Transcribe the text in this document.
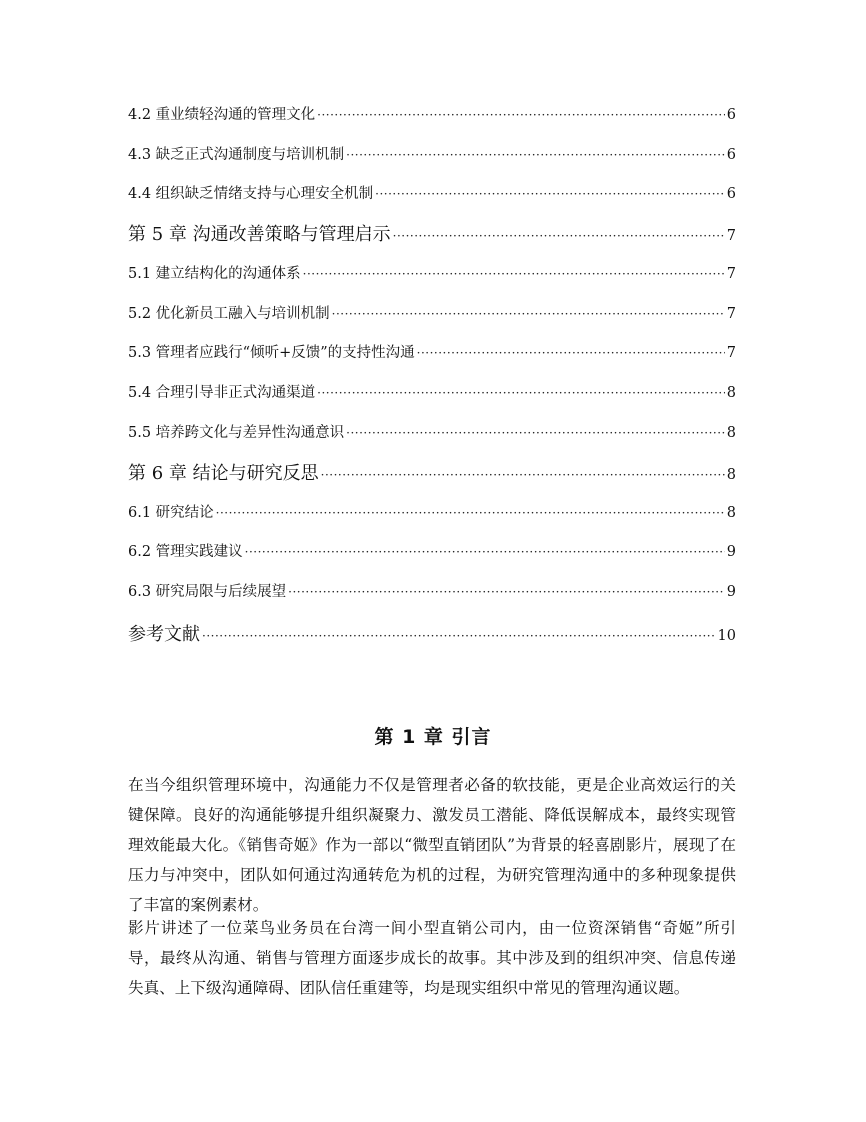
4.2 重业绩轻沟通的管理文化 ·····	6
4.3 缺乏正式沟通制度与培训机制 ·····	6
4.4 组织缺乏情绪支持与心理安全机制 ·····	6
第 5 章 沟通改善策略与管理启示 ·····	7
5.1 建立结构化的沟通体系 ·····	7
5.2 优化新员工融入与培训机制 ·····	7
5.3 管理者应践行“倾听+反馈”的支持性沟通 ·····	7
5.4 合理引导非正式沟通渠道 ·····	8
5.5 培养跨文化与差异性沟通意识 ·····	8
第 6 章 结论与研究反思 ·····	8
6.1 研究结论 ·····	8
6.2 管理实践建议 ·····	9
6.3 研究局限与后续展望 ·····	9
参考文献 ·····	10
第 1 章 引言

在当今组织管理环境中，沟通能力不仅是管理者必备的软技能，更是企业高效运行的关键保障。良好的沟通能够提升组织凝聚力、激发员工潜能、降低误解成本，最终实现管理效能最大化。《销售奇姬》作为一部以“微型直销团队”为背景的轻喜剧影片，展现了在压力与冲突中，团队如何通过沟通转危为机的过程，为研究管理沟通中的多种现象提供了丰富的案例素材。

影片讲述了一位菜鸟业务员在台湾一间小型直销公司内，由一位资深销售“奇姬”所引导，最终从沟通、销售与管理方面逐步成长的故事。其中涉及到的组织冲突、信息传递失真、上下级沟通障碍、团队信任重建等，均是现实组织中常见的管理沟通议题。
